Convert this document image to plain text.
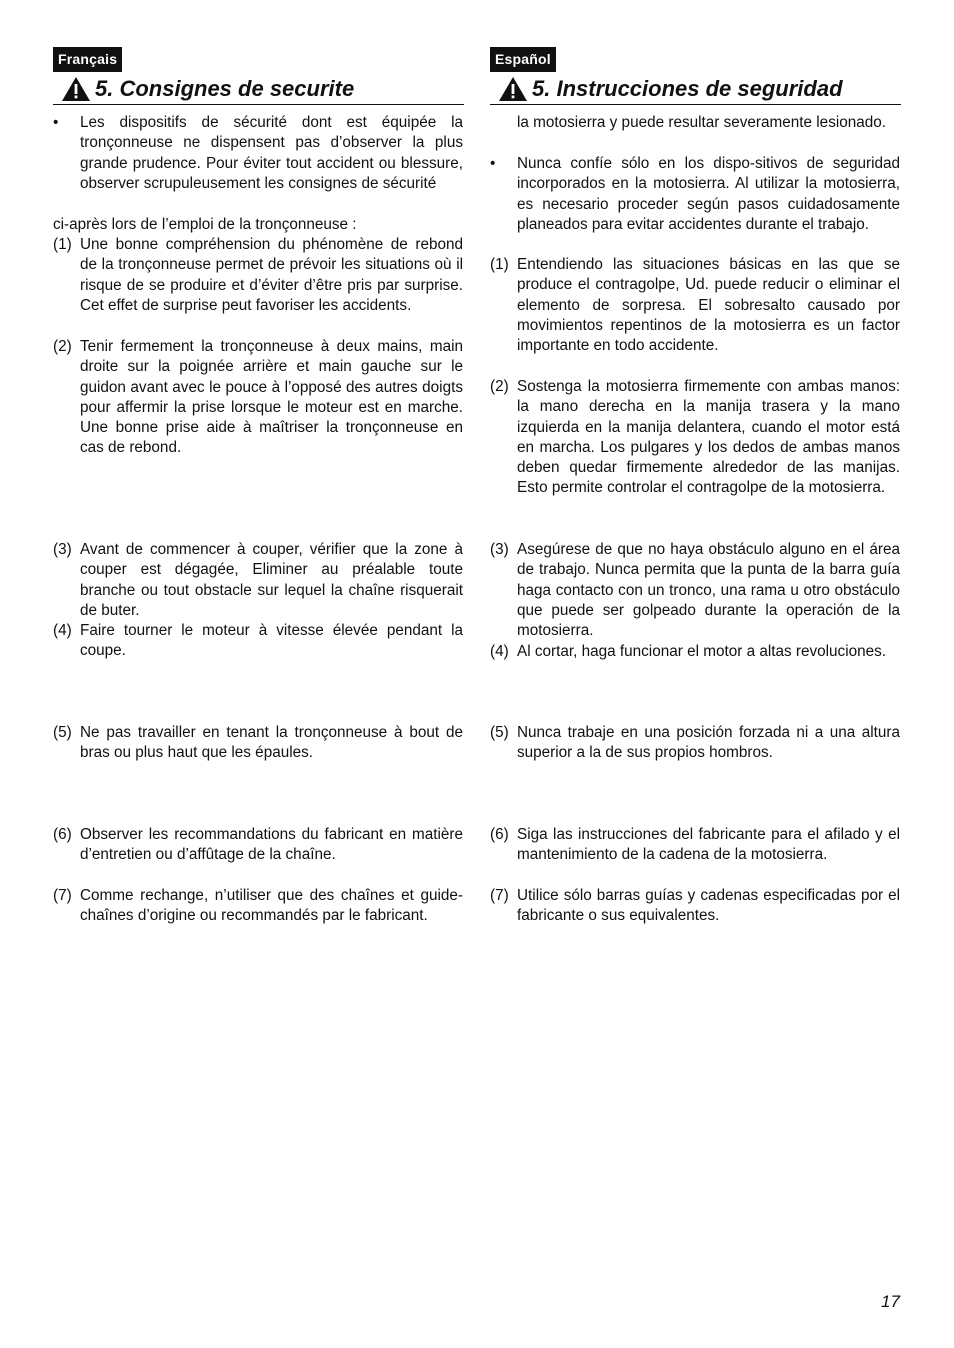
Français
5. Consignes de securite
• Les dispositifs de sécurité dont est équipée la tronçonneuse ne dispensent pas d’observer la plus grande prudence. Pour éviter tout accident ou blessure, observer scrupuleusement les consignes de sécurité
ci-après lors de l’emploi de la tronçonneuse :
(1) Une bonne compréhension du phénomène de rebond de la tronçonneuse permet de prévoir les situations où il risque de se produire et d’éviter d’être pris par surprise. Cet effet de surprise peut favoriser les accidents.
(2) Tenir fermement la tronçonneuse à deux mains, main droite sur la poignée arrière et main gauche sur le guidon avant avec le pouce à l’opposé des autres doigts pour affermir la prise lorsque le moteur est en marche. Une bonne prise aide à maîtriser la tronçonneuse en cas de rebond.
(3) Avant de commencer à couper, vérifier que la zone à couper est dégagée, Eliminer au préalable toute branche ou tout obstacle sur lequel la chaîne risquerait de buter.
(4) Faire tourner le moteur à vitesse élevée pendant la coupe.
(5) Ne pas travailler en tenant la tronçonneuse à bout de bras ou plus haut que les épaules.
(6) Observer les recommandations du fabricant en matière d’entretien ou d’affûtage de la chaîne.
(7) Comme rechange, n’utiliser que des chaînes et guide-chaînes d’origine ou recommandés par le fabricant.
Español
5. Instrucciones de seguridad
la motosierra y puede resultar severamente lesionado.
• Nunca confíe sólo en los dispo-sitivos de seguridad incorporados en la motosierra. Al utilizar la motosierra, es necesario proceder según pasos cuidadosamente planeados para evitar accidentes durante el trabajo.
(1) Entendiendo las situaciones básicas en las que se produce el contragolpe, Ud. puede reducir o eliminar el elemento de sorpresa. El sobresalto causado por movimientos repentinos de la motosierra es un factor importante en todo accidente.
(2) Sostenga la motosierra firmemente con ambas manos: la mano derecha en la manija trasera y la mano izquierda en la manija delantera, cuando el motor está en marcha. Los pulgares y los dedos de ambas manos deben quedar firmemente alrededor de las manijas. Esto permite controlar el contragolpe de la motosierra.
(3) Asegúrese de que no haya obstáculo alguno en el área de trabajo. Nunca permita que la punta de la barra guía haga contacto con un tronco, una rama u otro obstáculo que puede ser golpeado durante la operación de la motosierra.
(4) Al cortar, haga funcionar el motor a altas revoluciones.
(5) Nunca trabaje en una posición forzada ni a una altura superior a la de sus propios hombros.
(6) Siga las instrucciones del fabricante para el afilado y el mantenimiento de la cadena de la motosierra.
(7) Utilice sólo barras guías y cadenas especificadas por el fabricante o sus equivalentes.
17
